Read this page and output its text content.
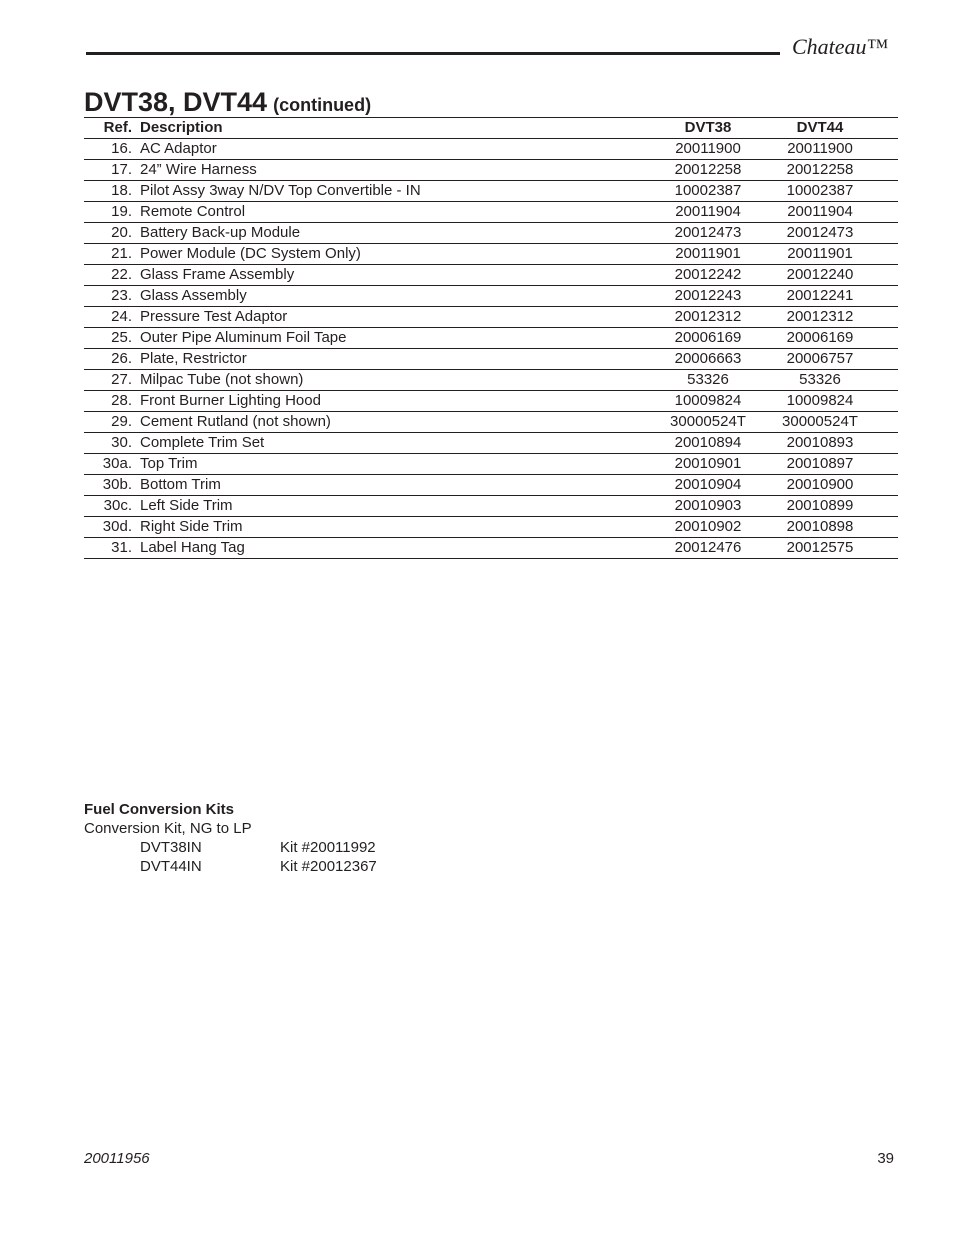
Chateau™
DVT38, DVT44 (continued)
Ref.	Description	DVT38	DVT44
16.	AC Adaptor	20011900	20011900
17.	24” Wire Harness	20012258	20012258
18.	Pilot Assy 3way N/DV Top Convertible - IN	10002387	10002387
19.	Remote Control	20011904	20011904
20.	Battery Back-up Module	20012473	20012473
21.	Power Module (DC System Only)	20011901	20011901
22.	Glass Frame Assembly	20012242	20012240
23.	Glass Assembly	20012243	20012241
24.	Pressure Test Adaptor	20012312	20012312
25.	Outer Pipe Aluminum Foil Tape	20006169	20006169
26.	Plate, Restrictor	20006663	20006757
27.	Milpac Tube (not shown)	53326	53326
28.	Front Burner Lighting Hood	10009824	10009824
29.	Cement Rutland (not shown)	30000524T	30000524T
30.	Complete Trim Set	20010894	20010893
30a.	Top Trim	20010901	20010897
30b.	Bottom Trim	20010904	20010900
30c.	Left Side Trim	20010903	20010899
30d.	Right Side Trim	20010902	20010898
31.	Label Hang Tag	20012476	20012575
Fuel Conversion Kits
Conversion Kit, NG to LP
DVT38IN	Kit #20011992
DVT44IN	Kit #20012367
20011956	39
